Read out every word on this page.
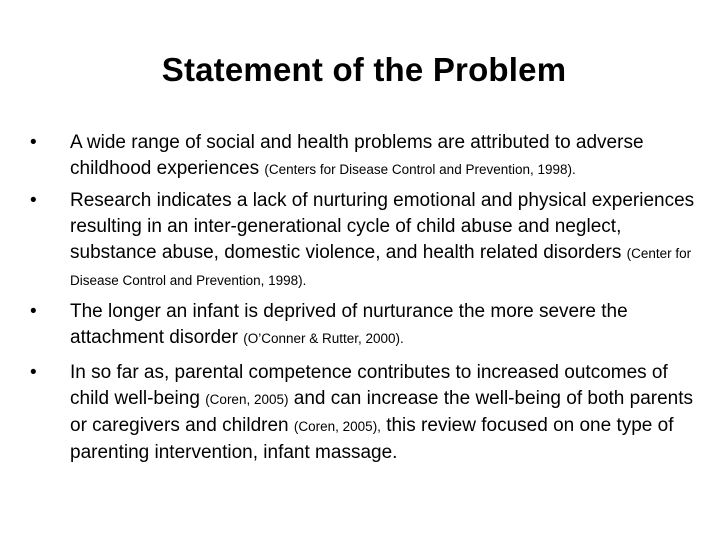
Statement of the Problem
• A wide range of social and health problems are attributed to adverse childhood experiences (Centers for Disease Control and Prevention, 1998).
• Research indicates a lack of nurturing emotional and physical experiences resulting in an inter-generational cycle of child abuse and neglect, substance abuse, domestic violence, and health related disorders (Center for Disease Control and Prevention, 1998).
• The longer an infant is deprived of nurturance the more severe the attachment disorder (O’Conner & Rutter, 2000).
• In so far as, parental competence contributes to increased outcomes of child well-being (Coren, 2005) and can increase the well-being of both parents or caregivers and children (Coren, 2005), this review focused on one type of parenting intervention, infant massage.
